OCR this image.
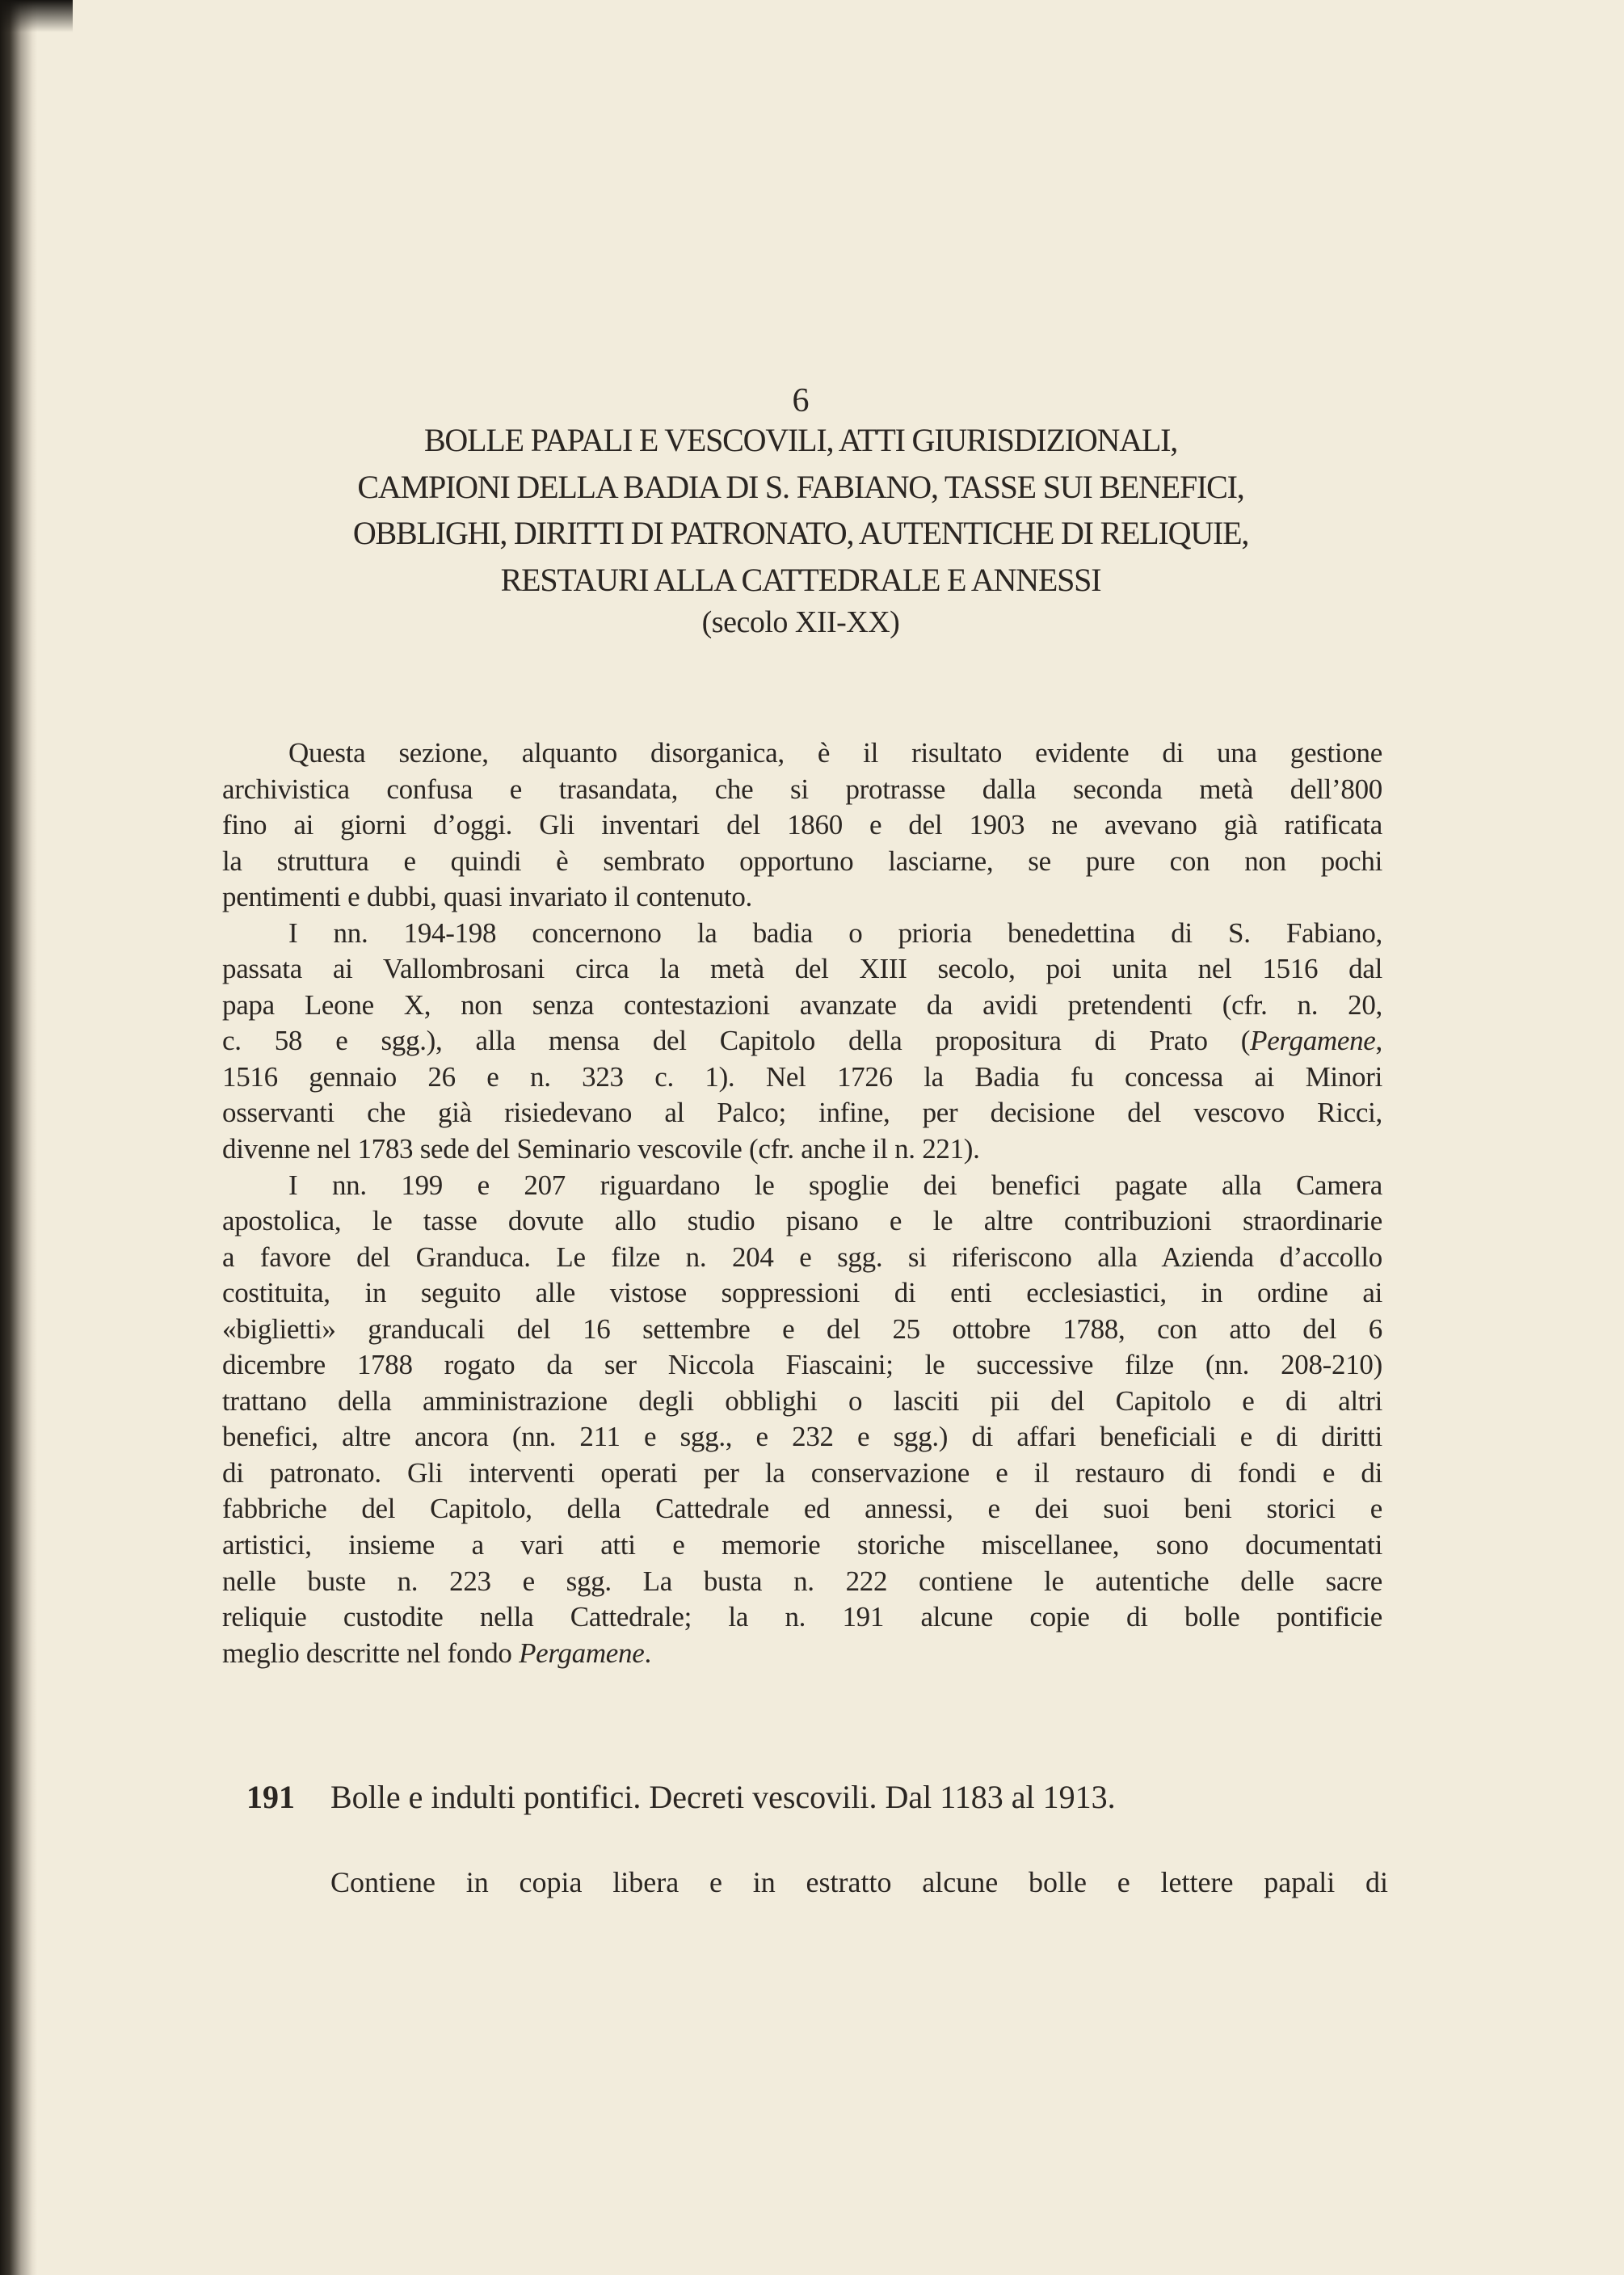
6
BOLLE PAPALI E VESCOVILI, ATTI GIURISDIZIONALI,
CAMPIONI DELLA BADIA DI S. FABIANO, TASSE SUI BENEFICI,
OBBLIGHI, DIRITTI DI PATRONATO, AUTENTICHE DI RELIQUIE,
RESTAURI ALLA CATTEDRALE E ANNESSI
(secolo XII-XX)
Questa sezione, alquanto disorganica, è il risultato evidente di una gestione
archivistica confusa e trasandata, che si protrasse dalla seconda metà dell’800
fino ai giorni d’oggi. Gli inventari del 1860 e del 1903 ne avevano già ratificata
la struttura e quindi è sembrato opportuno lasciarne, se pure con non pochi
pentimenti e dubbi, quasi invariato il contenuto.
I nn. 194-198 concernono la badia o prioria benedettina di S. Fabiano,
passata ai Vallombrosani circa la metà del XIII secolo, poi unita nel 1516 dal
papa Leone X, non senza contestazioni avanzate da avidi pretendenti (cfr. n. 20,
c. 58 e sgg.), alla mensa del Capitolo della propositura di Prato (Pergamene,
1516 gennaio 26 e n. 323 c. 1). Nel 1726 la Badia fu concessa ai Minori
osservanti che già risiedevano al Palco; infine, per decisione del vescovo Ricci,
divenne nel 1783 sede del Seminario vescovile (cfr. anche il n. 221).
I nn. 199 e 207 riguardano le spoglie dei benefici pagate alla Camera
apostolica, le tasse dovute allo studio pisano e le altre contribuzioni straordinarie
a favore del Granduca. Le filze n. 204 e sgg. si riferiscono alla Azienda d’accollo
costituita, in seguito alle vistose soppressioni di enti ecclesiastici, in ordine ai
«biglietti» granducali del 16 settembre e del 25 ottobre 1788, con atto del 6
dicembre 1788 rogato da ser Niccola Fiascaini; le successive filze (nn. 208-210)
trattano della amministrazione degli obblighi o lasciti pii del Capitolo e di altri
benefici, altre ancora (nn. 211 e sgg., e 232 e sgg.) di affari beneficiali e di diritti
di patronato. Gli interventi operati per la conservazione e il restauro di fondi e di
fabbriche del Capitolo, della Cattedrale ed annessi, e dei suoi beni storici e
artistici, insieme a vari atti e memorie storiche miscellanee, sono documentati
nelle buste n. 223 e sgg. La busta n. 222 contiene le autentiche delle sacre
reliquie custodite nella Cattedrale; la n. 191 alcune copie di bolle pontificie
meglio descritte nel fondo Pergamene.
191 Bolle e indulti pontifici. Decreti vescovili. Dal 1183 al 1913.
Contiene in copia libera e in estratto alcune bolle e lettere papali di
